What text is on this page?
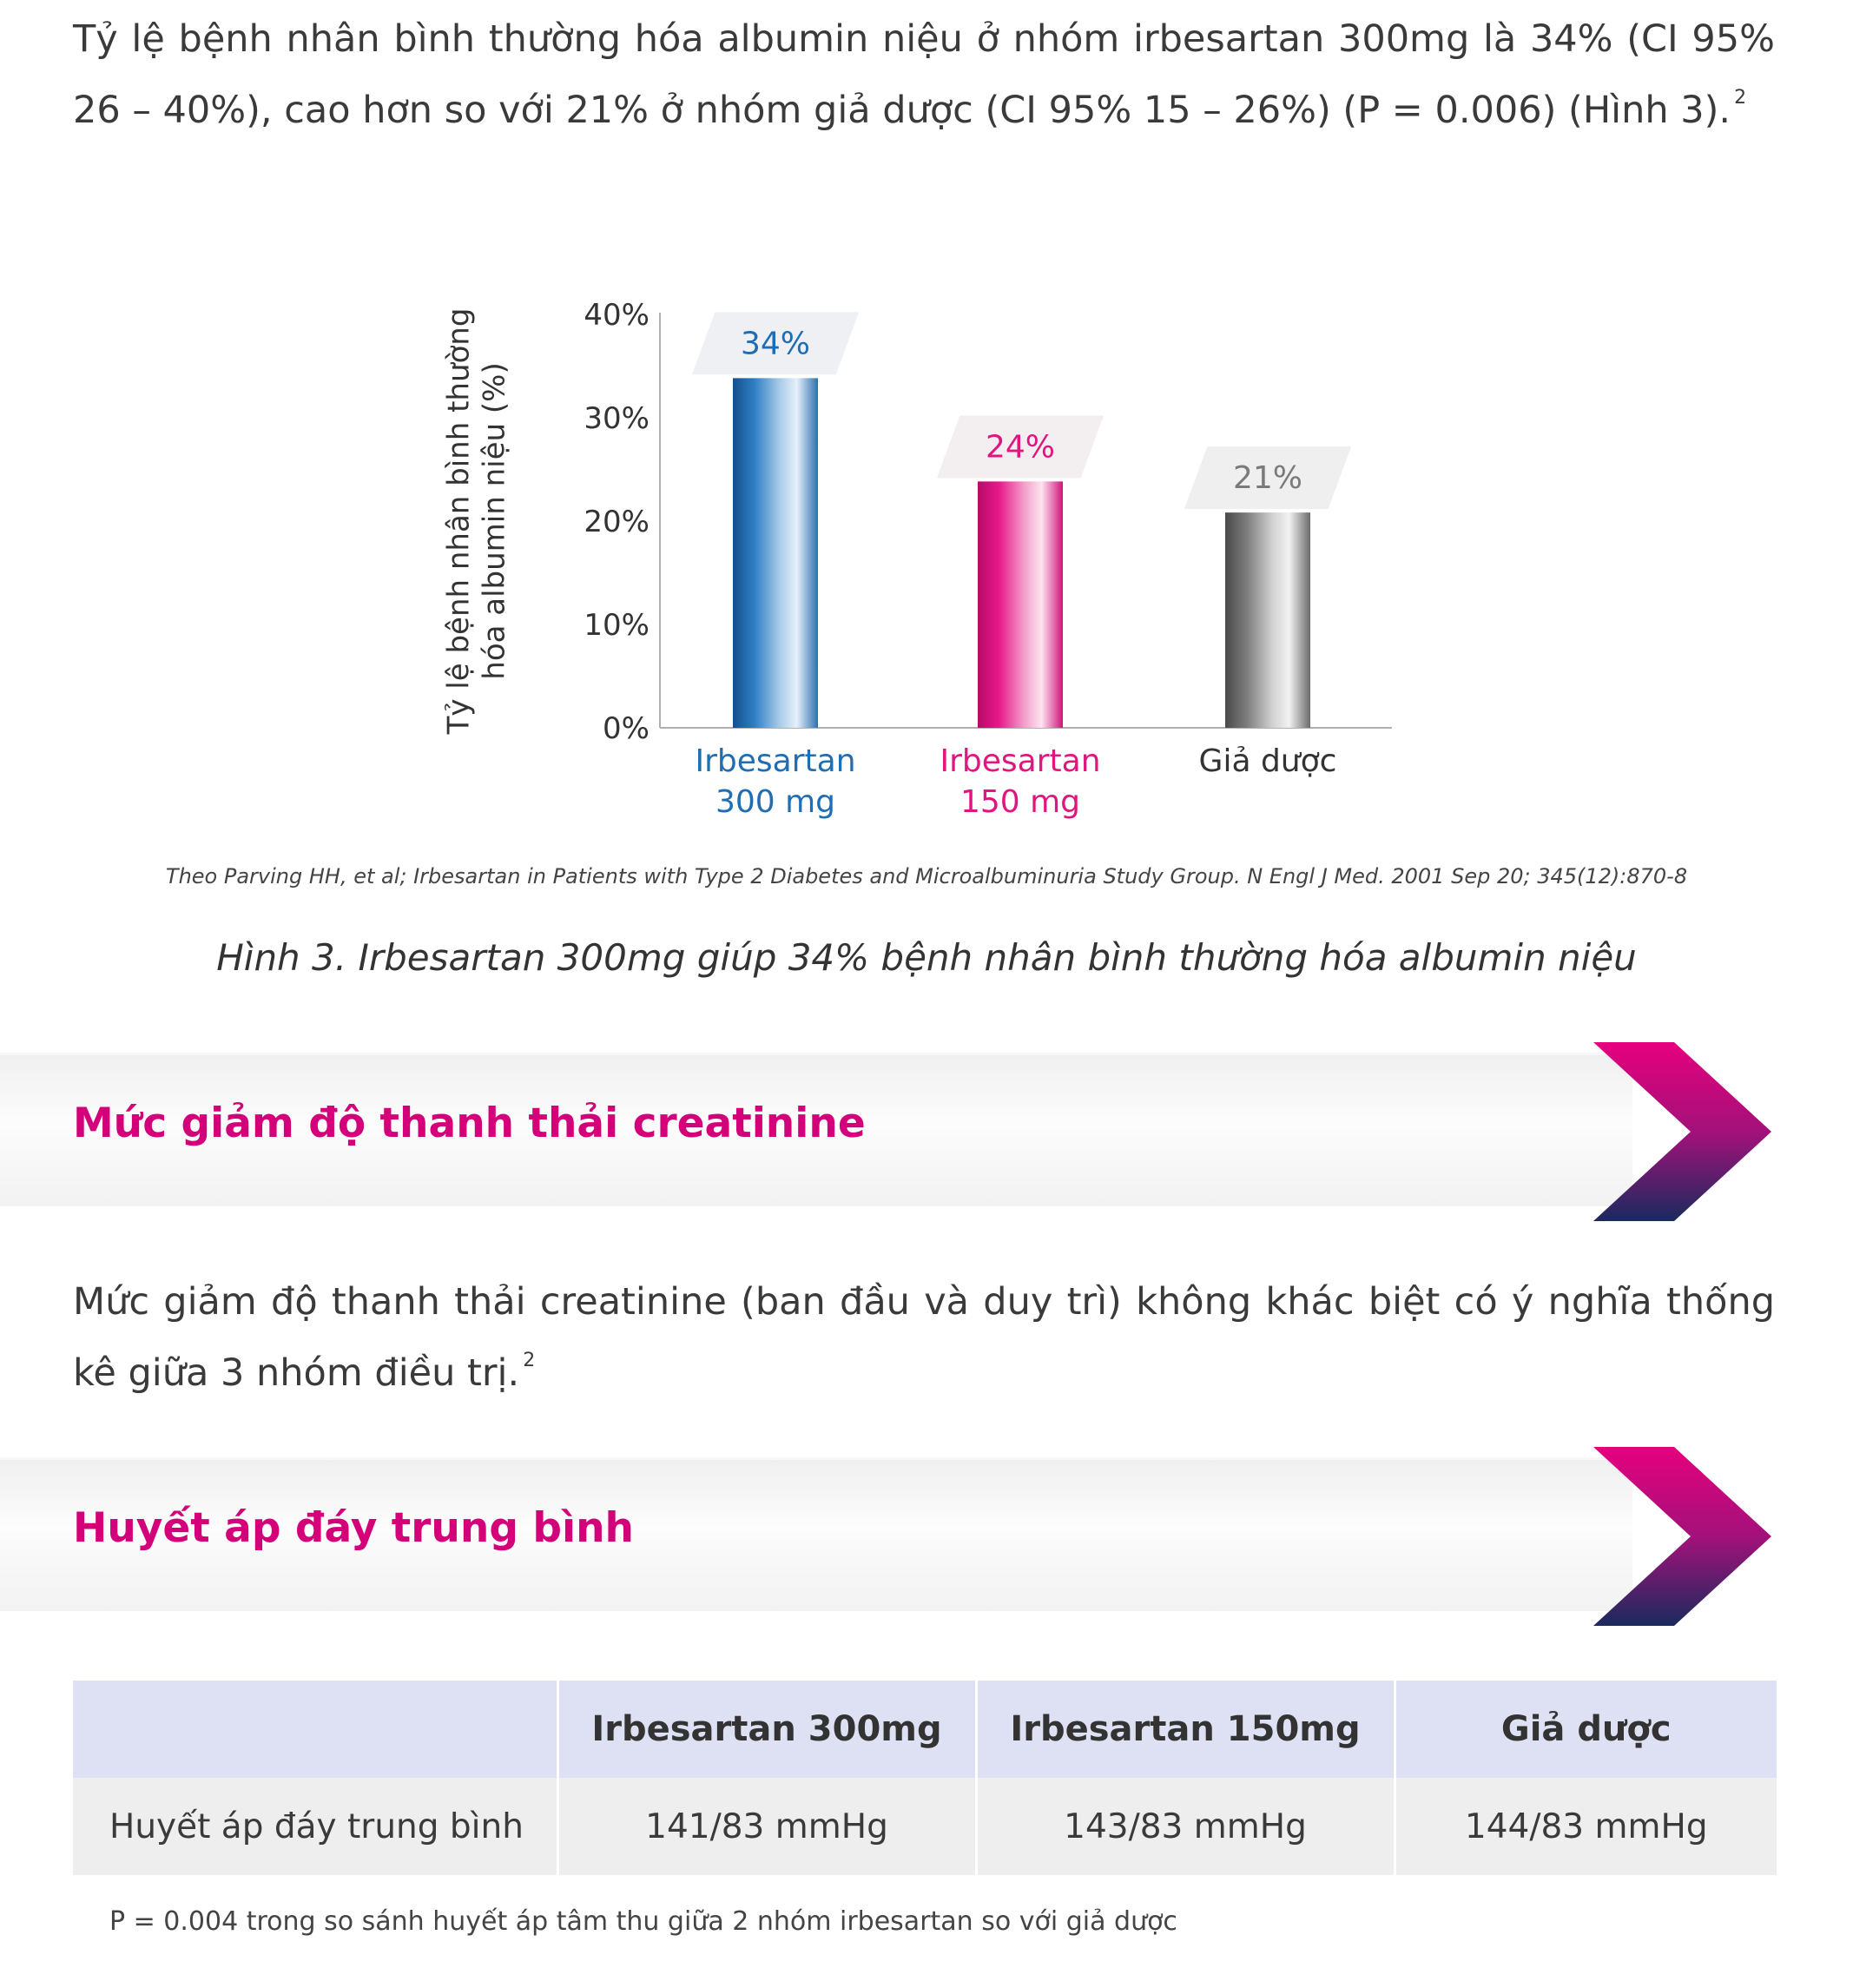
Tỷ lệ bệnh nhân bình thường hóa albumin niệu ở nhóm irbesartan 300mg là 34% (CI 95% 26 – 40%), cao hơn so với 21% ở nhóm giả dược (CI 95% 15 – 26%) (P = 0.006) (Hình 3). $^2$

Tỷ lệ bệnh nhân bình thườnghóa albumin niệu (%)
0%
10%
20%
30%
40%
34%
Irbesartan 300 mg
24%
Irbesartan 150 mg
21%
Giả dược
Theo Parving HH, et al; Irbesartan in Patients with Type 2 Diabetes and Microalbuminuria Study Group. N Engl J Med. 2001 Sep 20; 345(12):870-8
Hình 3. Irbesartan 300mg giúp 34% bệnh nhân bình thường hóa albumin niệu
Mức giảm độ thanh thải creatinine

Mức giảm độ thanh thải creatinine (ban đầu và duy trì) không khác biệt có ý nghĩa thống kê giữa 3 nhóm điều trị. $^2$

Huyết áp đáy trung bình
	Irbesartan 300mg	Irbesartan 150mg	Giả dược
Huyết áp đáy trung bình	141/83 mmHg	143/83 mmHg	144/83 mmHg
P = 0.004 trong so sánh huyết áp tâm thu giữa 2 nhóm irbesartan so với giả dược
